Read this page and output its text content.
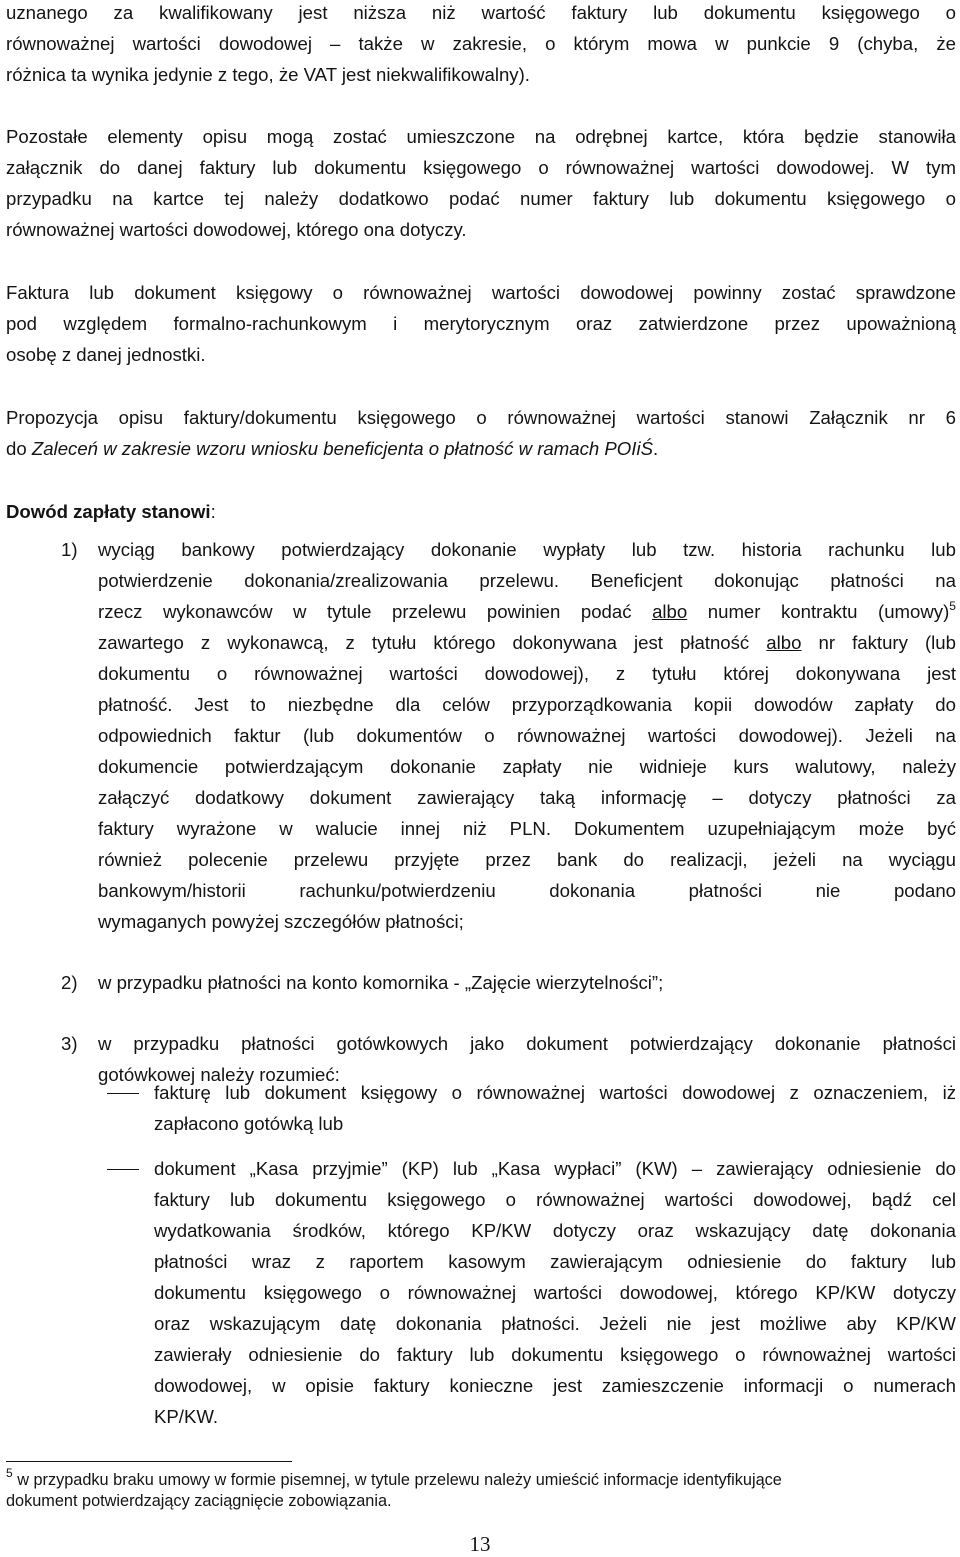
uznanego za kwalifikowany jest niższa niż wartość faktury lub dokumentu księgowego o
równoważnej wartości dowodowej – także w zakresie, o którym mowa w punkcie 9 (chyba, że
różnica ta wynika jedynie z tego, że VAT jest niekwalifikowalny).
Pozostałe elementy opisu mogą zostać umieszczone na odrębnej kartce, która będzie stanowiła
załącznik do danej faktury lub dokumentu księgowego o równoważnej wartości dowodowej. W tym
przypadku na kartce tej należy dodatkowo podać numer faktury lub dokumentu księgowego o
równoważnej wartości dowodowej, którego ona dotyczy.
Faktura lub dokument księgowy o równoważnej wartości dowodowej powinny zostać sprawdzone
pod względem formalno-rachunkowym i merytorycznym oraz zatwierdzone przez upoważnioną
osobę z danej jednostki.
Propozycja opisu faktury/dokumentu księgowego o równoważnej wartości stanowi Załącznik nr 6
do Zaleceń w zakresie wzoru wniosku beneficjenta o płatność w ramach POIiŚ.
Dowód zapłaty stanowi:
1) wyciąg bankowy potwierdzający dokonanie wypłaty lub tzw. historia rachunku lub
potwierdzenie dokonania/zrealizowania przelewu. Beneficjent dokonując płatności na
rzecz wykonawców w tytule przelewu powinien podać albo numer kontraktu (umowy)$^5$
zawartego z wykonawcą, z tytułu którego dokonywana jest płatność albo nr faktury (lub
dokumentu o równoważnej wartości dowodowej), z tytułu której dokonywana jest
płatność. Jest to niezbędne dla celów przyporządkowania kopii dowodów zapłaty do
odpowiednich faktur (lub dokumentów o równoważnej wartości dowodowej). Jeżeli na
dokumencie potwierdzającym dokonanie zapłaty nie widnieje kurs walutowy, należy
załączyć dodatkowy dokument zawierający taką informację – dotyczy płatności za
faktury wyrażone w walucie innej niż PLN. Dokumentem uzupełniającym może być
również polecenie przelewu przyjęte przez bank do realizacji, jeżeli na wyciągu
bankowym/historii rachunku/potwierdzeniu dokonania płatności nie podano
wymaganych powyżej szczegółów płatności;
2) w przypadku płatności na konto komornika - „Zajęcie wierzytelności”;
3) w przypadku płatności gotówkowych jako dokument potwierdzający dokonanie płatności
gotówkowej należy rozumieć:
fakturę lub dokument księgowy o równoważnej wartości dowodowej z oznaczeniem, iż
zapłacono gotówką lub
dokument „Kasa przyjmie” (KP) lub „Kasa wypłaci” (KW) – zawierający odniesienie do
faktury lub dokumentu księgowego o równoważnej wartości dowodowej, bądź cel
wydatkowania środków, którego KP/KW dotyczy oraz wskazujący datę dokonania
płatności wraz z raportem kasowym zawierającym odniesienie do faktury lub
dokumentu księgowego o równoważnej wartości dowodowej, którego KP/KW dotyczy
oraz wskazującym datę dokonania płatności. Jeżeli nie jest możliwe aby KP/KW
zawierały odniesienie do faktury lub dokumentu księgowego o równoważnej wartości
dowodowej, w opisie faktury konieczne jest zamieszczenie informacji o numerach
KP/KW.
$^5$ w przypadku braku umowy w formie pisemnej, w tytule przelewu należy umieścić informacje identyfikujące
dokument potwierdzający zaciągnięcie zobowiązania.
13
